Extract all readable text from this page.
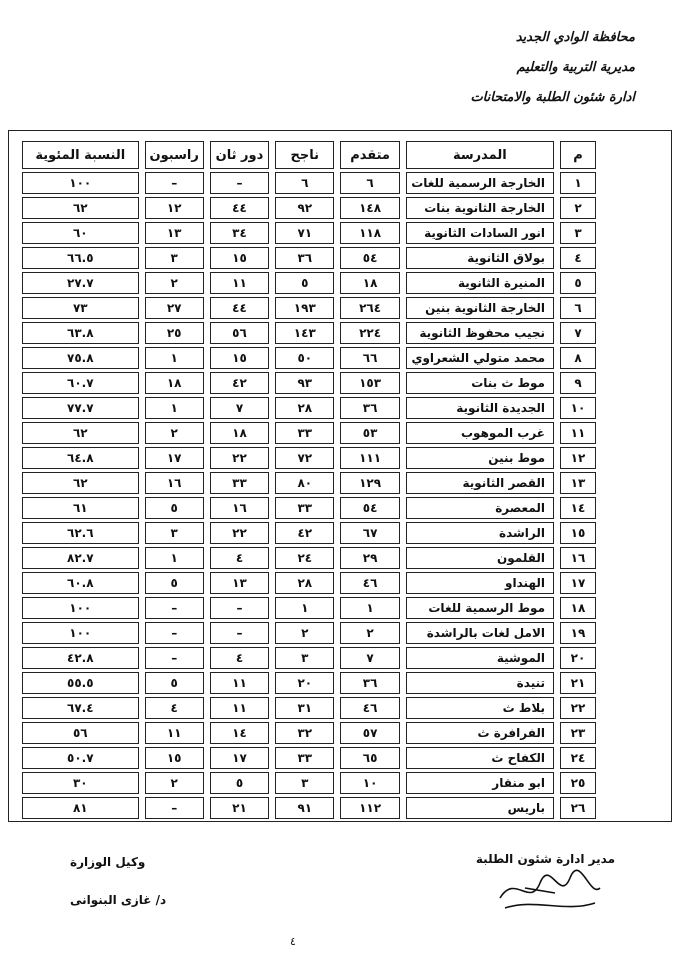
محافظة الوادي الجديد
مديرية التربية والتعليم
ادارة شئون الطلبة والامتحانات
م	المدرسة	متقدم	ناجح	دور ثان	راسبون	النسبة المئوية
١	الخارجة الرسمية للغات	٦	٦	–	–	١٠٠
٢	الخارجة الثانوية بنات	١٤٨	٩٢	٤٤	١٢	٦٢
٣	انور السادات الثانوية	١١٨	٧١	٣٤	١٣	٦٠
٤	بولاق الثانوية	٥٤	٣٦	١٥	٣	٦٦.٥
٥	المنيرة الثانوية	١٨	٥	١١	٢	٢٧.٧
٦	الخارجة الثانوية بنين	٢٦٤	١٩٣	٤٤	٢٧	٧٣
٧	نجيب محفوظ الثانوية	٢٢٤	١٤٣	٥٦	٢٥	٦٣.٨
٨	محمد متولي الشعراوي	٦٦	٥٠	١٥	١	٧٥.٨
٩	موط ث بنات	١٥٣	٩٣	٤٢	١٨	٦٠.٧
١٠	الجديدة الثانوية	٣٦	٢٨	٧	١	٧٧.٧
١١	غرب الموهوب	٥٣	٣٣	١٨	٢	٦٢
١٢	موط بنين	١١١	٧٢	٢٢	١٧	٦٤.٨
١٣	القصر الثانوية	١٢٩	٨٠	٣٣	١٦	٦٢
١٤	المعصرة	٥٤	٣٣	١٦	٥	٦١
١٥	الراشدة	٦٧	٤٢	٢٢	٣	٦٢.٦
١٦	القلمون	٢٩	٢٤	٤	١	٨٢.٧
١٧	الهنداو	٤٦	٢٨	١٣	٥	٦٠.٨
١٨	موط الرسمية للغات	١	١	–	–	١٠٠
١٩	الامل لغات بالراشدة	٢	٢	–	–	١٠٠
٢٠	الموشية	٧	٣	٤	–	٤٢.٨
٢١	تنيدة	٣٦	٢٠	١١	٥	٥٥.٥
٢٢	بلاط ث	٤٦	٣١	١١	٤	٦٧.٤
٢٣	الفرافرة ث	٥٧	٣٢	١٤	١١	٥٦
٢٤	الكفاح ث	٦٥	٣٣	١٧	١٥	٥٠.٧
٢٥	ابو منقار	١٠	٣	٥	٢	٣٠
٢٦	باريس	١١٢	٩١	٢١	–	٨١
مدير ادارة شئون الطلبة
وكيل الوزارة
د/ غازى البنوانى
٤
